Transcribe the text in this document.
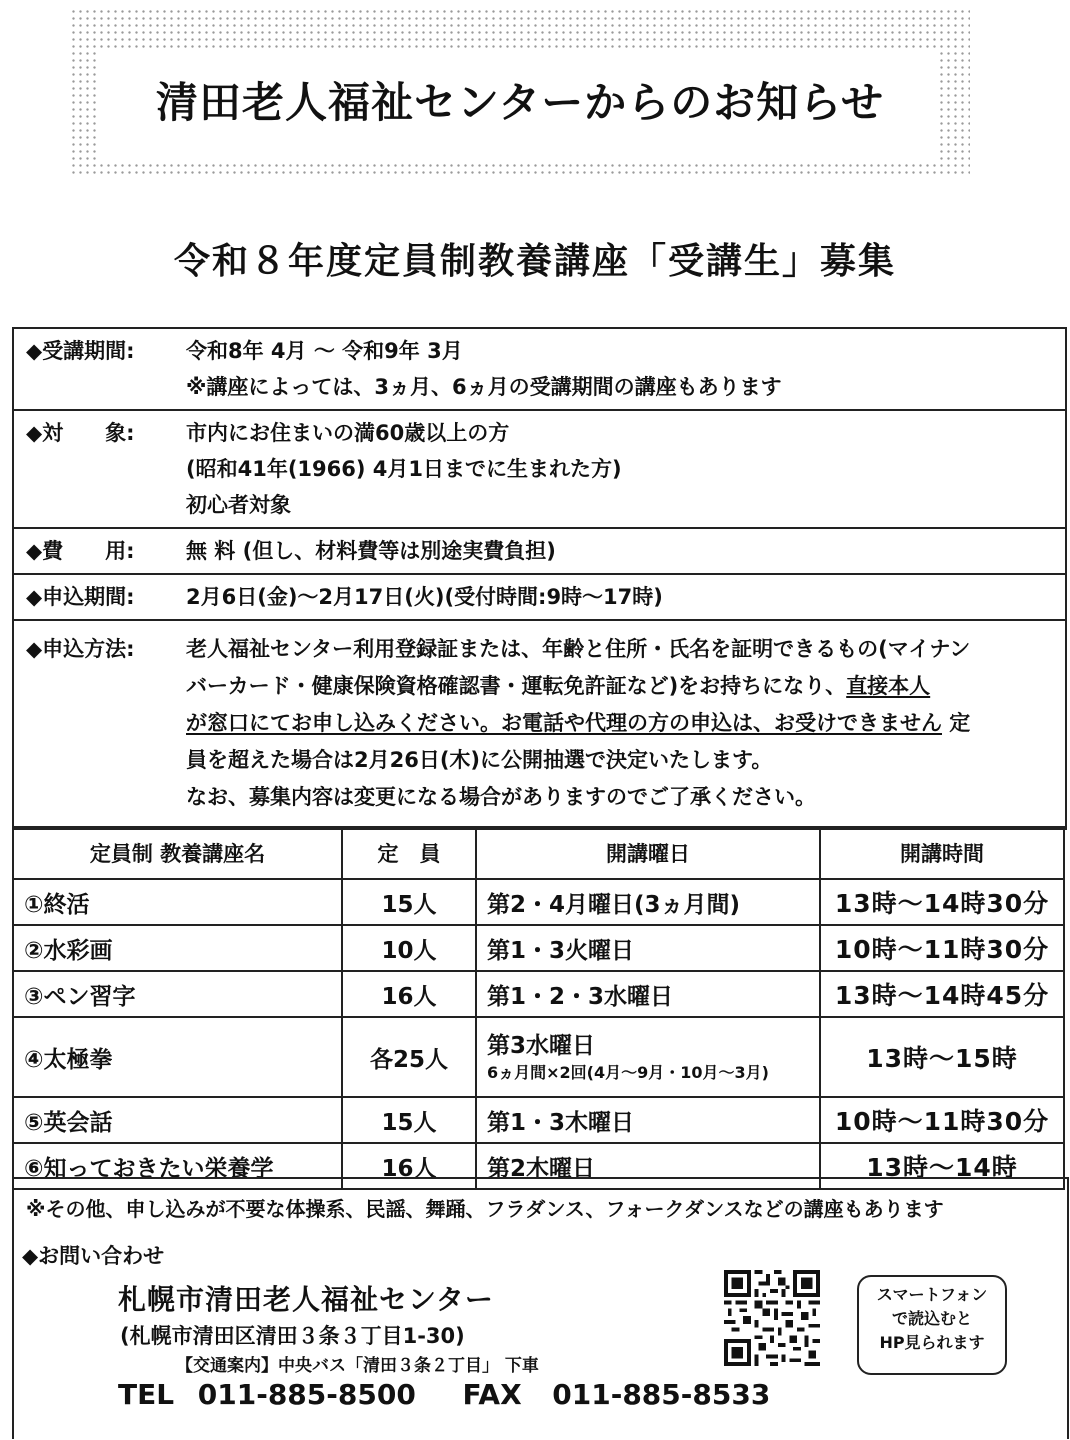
清田老人福祉センターからのお知らせ
令和８年度定員制教養講座「受講生」募集
◆受講期間: 令和8年 4月 ～ 令和9年 3月
※講座によっては、3ヵ月、6ヵ月の受講期間の講座もあります
◆対　　象: 市内にお住まいの満60歳以上の方
(昭和41年(1966) 4月1日までに生まれた方)
初心者対象
◆費　　用: 無 料 (但し、材料費等は別途実費負担)
◆申込期間: 2月6日(金)～2月17日(火)(受付時間:9時～17時)
◆申込方法: 老人福祉センター利用登録証または、年齢と住所・氏名を証明できるもの(マイナン
バーカード・健康保険資格確認書・運転免許証など)をお持ちになり、直接本人
が窓口にてお申し込みください。お電話や代理の方の申込は、お受けできません 定
員を超えた場合は2月26日(木)に公開抽選で決定いたします。
なお、募集内容は変更になる場合がありますのでご了承ください。
定員制 教養講座名	定　員	開講曜日	開講時間
①終活	15人	第2・4月曜日(3ヵ月間)	13時～14時30分
②水彩画	10人	第1・3火曜日	10時～11時30分
③ペン習字	16人	第1・2・3水曜日	13時～14時45分
④太極拳	各25人	第3水曜日
6ヵ月間×2回(4月～9月・10月～3月)	13時～15時
⑤英会話	15人	第1・3木曜日	10時～11時30分
⑥知っておきたい栄養学	16人	第2木曜日	13時～14時
※その他、申し込みが不要な体操系、民謡、舞踊、フラダンス、フォークダンスなどの講座もあります
◆お問い合わせ
札幌市清田老人福祉センター
(札幌市清田区清田３条３丁目1-30)
【交通案内】中央バス「清田３条２丁目」 下車
TEL 011-885-8500 FAX 011-885-8533
スマートフォン
で読込むと
HP見られます
